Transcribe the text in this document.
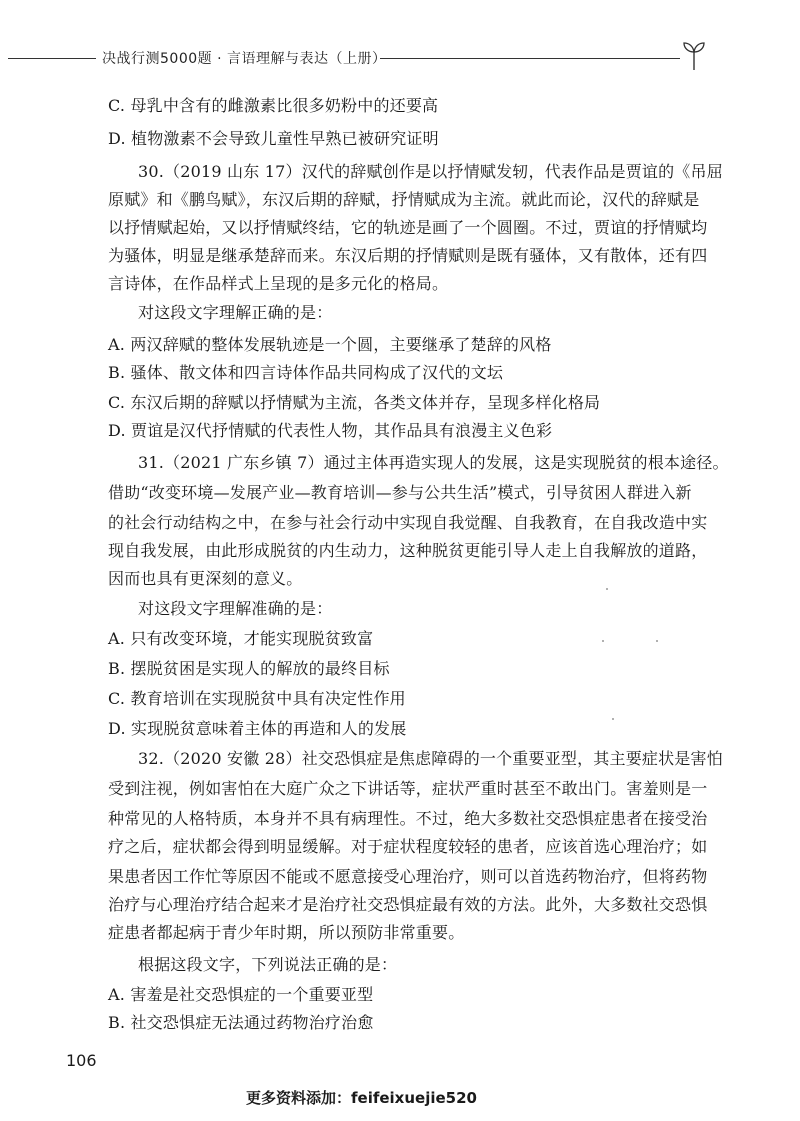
决战行测5000题 · 言语理解与表达（上册）
C. 母乳中含有的雌激素比很多奶粉中的还要高
D. 植物激素不会导致儿童性早熟已被研究证明
30.（2019 山东 17）汉代的辞赋创作是以抒情赋发轫，代表作品是贾谊的《吊屈
原赋》和《鹏鸟赋》，东汉后期的辞赋，抒情赋成为主流。就此而论，汉代的辞赋是
以抒情赋起始，又以抒情赋终结，它的轨迹是画了一个圆圈。不过，贾谊的抒情赋均
为骚体，明显是继承楚辞而来。东汉后期的抒情赋则是既有骚体，又有散体，还有四
言诗体，在作品样式上呈现的是多元化的格局。
对这段文字理解正确的是：
A. 两汉辞赋的整体发展轨迹是一个圆，主要继承了楚辞的风格
B. 骚体、散文体和四言诗体作品共同构成了汉代的文坛
C. 东汉后期的辞赋以抒情赋为主流，各类文体并存，呈现多样化格局
D. 贾谊是汉代抒情赋的代表性人物，其作品具有浪漫主义色彩
31.（2021 广东乡镇 7）通过主体再造实现人的发展，这是实现脱贫的根本途径。
借助“改变环境—发展产业—教育培训—参与公共生活”模式，引导贫困人群进入新
的社会行动结构之中，在参与社会行动中实现自我觉醒、自我教育，在自我改造中实
现自我发展，由此形成脱贫的内生动力，这种脱贫更能引导人走上自我解放的道路，
因而也具有更深刻的意义。
对这段文字理解准确的是：
A. 只有改变环境，才能实现脱贫致富
B. 摆脱贫困是实现人的解放的最终目标
C. 教育培训在实现脱贫中具有决定性作用
D. 实现脱贫意味着主体的再造和人的发展
32.（2020 安徽 28）社交恐惧症是焦虑障碍的一个重要亚型，其主要症状是害怕
受到注视，例如害怕在大庭广众之下讲话等，症状严重时甚至不敢出门。害羞则是一
种常见的人格特质，本身并不具有病理性。不过，绝大多数社交恐惧症患者在接受治
疗之后，症状都会得到明显缓解。对于症状程度较轻的患者，应该首选心理治疗；如
果患者因工作忙等原因不能或不愿意接受心理治疗，则可以首选药物治疗，但将药物
治疗与心理治疗结合起来才是治疗社交恐惧症最有效的方法。此外，大多数社交恐惧
症患者都起病于青少年时期，所以预防非常重要。
根据这段文字，下列说法正确的是：
A. 害羞是社交恐惧症的一个重要亚型
B. 社交恐惧症无法通过药物治疗治愈
106
更多资料添加：feifeixuejie520
